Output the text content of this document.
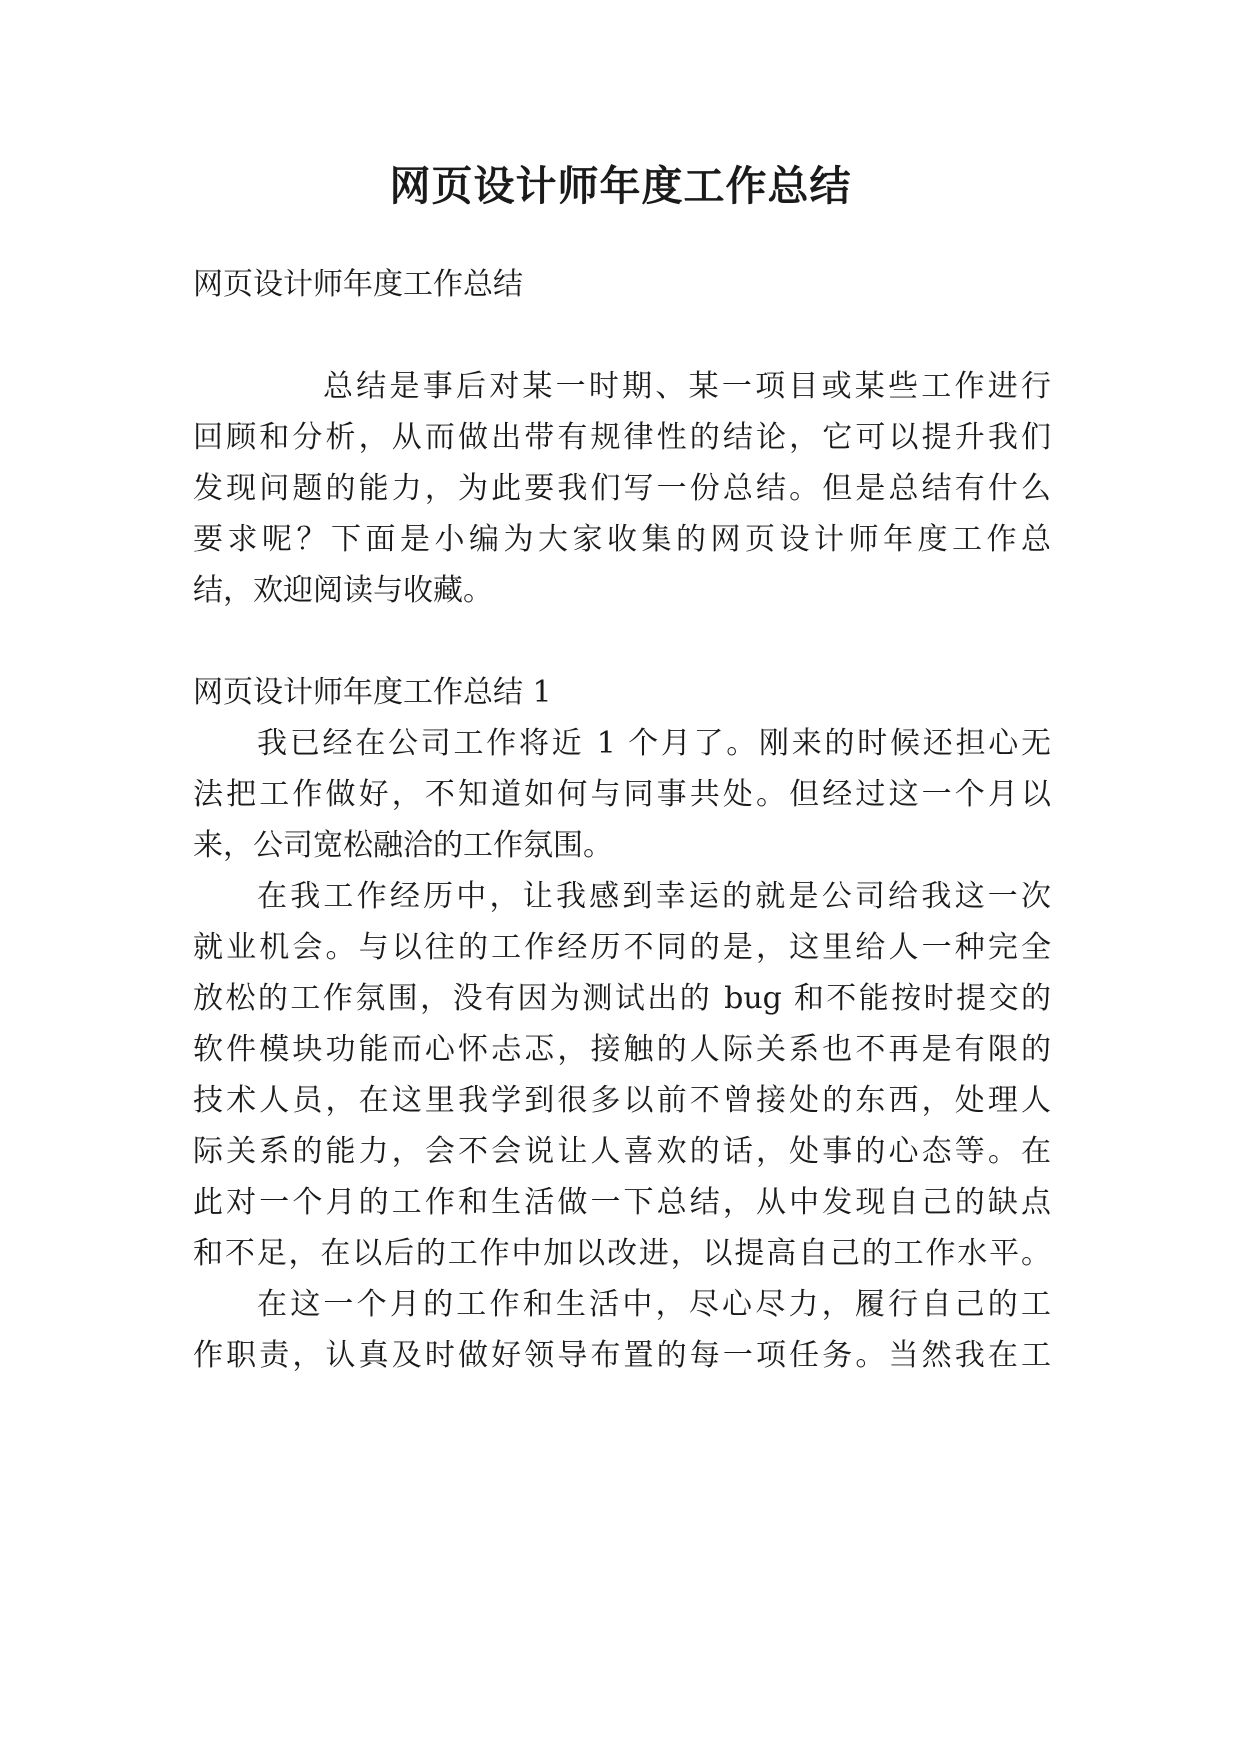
网页设计师年度工作总结
网页设计师年度工作总结
总结是事后对某一时期、某一项目或某些工作进行
回顾和分析，从而做出带有规律性的结论，它可以提升我们
发现问题的能力，为此要我们写一份总结。但是总结有什么
要求呢？下面是小编为大家收集的网页设计师年度工作总
结，欢迎阅读与收藏。
网页设计师年度工作总结 1
我已经在公司工作将近 1 个月了。刚来的时候还担心无
法把工作做好，不知道如何与同事共处。但经过这一个月以
来，公司宽松融洽的工作氛围。
在我工作经历中，让我感到幸运的就是公司给我这一次
就业机会。与以往的工作经历不同的是，这里给人一种完全
放松的工作氛围，没有因为测试出的 bug 和不能按时提交的
软件模块功能而心怀忐忑，接触的人际关系也不再是有限的
技术人员，在这里我学到很多以前不曾接处的东西，处理人
际关系的能力，会不会说让人喜欢的话，处事的心态等。在
此对一个月的工作和生活做一下总结，从中发现自己的缺点
和不足，在以后的工作中加以改进，以提高自己的工作水平。
在这一个月的工作和生活中，尽心尽力，履行自己的工
作职责，认真及时做好领导布置的每一项任务。当然我在工
